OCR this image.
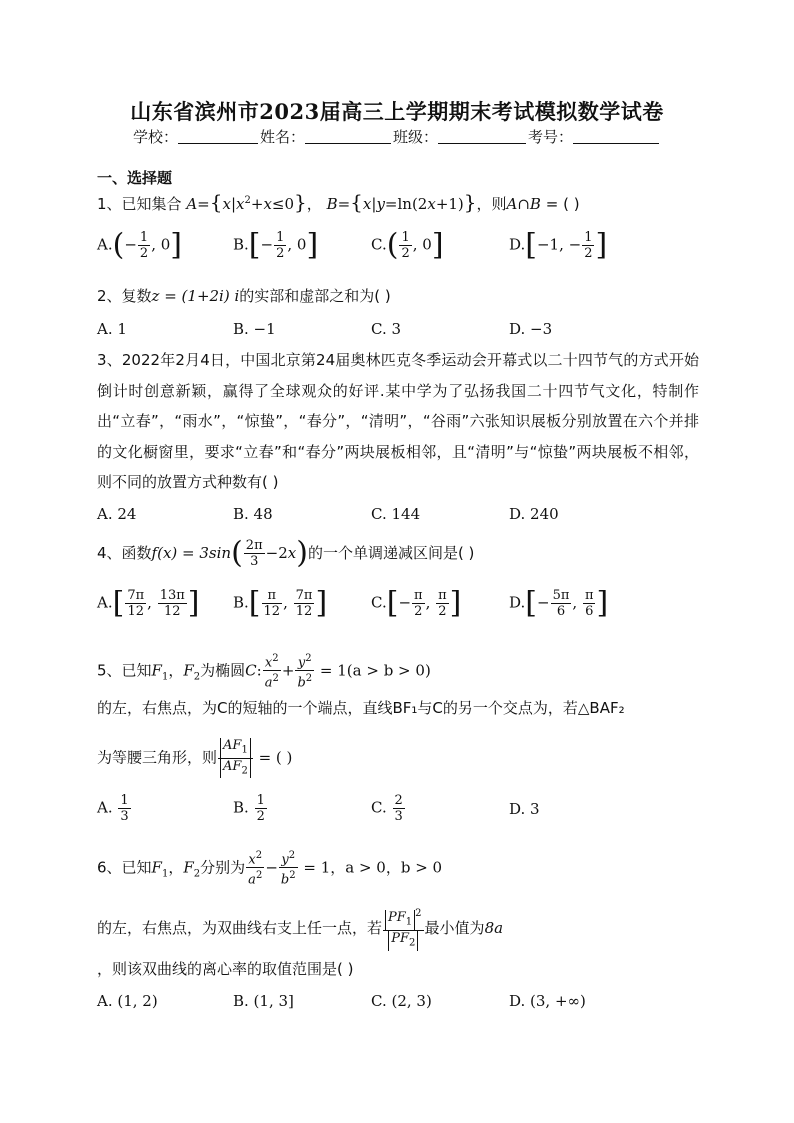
山东省滨州市2023届高三上学期期末考试模拟数学试卷
学校：	姓名：	班级：	考号：
一、选择题
1、已知集合 $A=\{x|x^2+x\le 0\}$， B={x|y=ln(2x+1)}，则A∩B = ( )
$A.(- \frac{1}{2}$ , 0]	$B.[- \frac{1}{2}$ , 0]	$C.( \frac{1}{2}$ , 0]	D.[−1, − $\frac{1}{2}$ ]
2、复数z = (1+2i) i的实部和虚部之和为( )
A. 1	B. −1	C. 3	D. −3
3、2022年2月4日，中国北京第24届奥林匹克冬季运动会开幕式以二十四节气的方式开始倒计时创意新颖，赢得了全球观众的好评.某中学为了弘扬我国二十四节气文化，特制作出“立春”，“雨水”，“惊蛰”，“春分”，“清明”，“谷雨”六张知识展板分别放置在六个并排的文化橱窗里，要求“立春”和“春分”两块展板相邻，且“清明”与“惊蛰”两块展板不相邻，则不同的放置方式种数有( )
A. 24	B. 48	C. 144	D. 240
4、函数$f(x) = 3\sin( \frac{2\pi}{3} -2x)$的一个单调递减区间是( )
$A.[ \frac{7\pi}{12}$ , $\frac{13\pi}{12}$ ] $B.[ \frac{\pi}{12}$ , $\frac{7\pi}{12}$ ]	$C.[- \frac{\pi}{2}$ , $\frac{\pi}{2}$ ]	$D.[- \frac{5\pi}{6}$ , $\frac{\pi}{6}$ ]
5、已知$F_1$，$F_2$为椭圆C: $\frac{x^2}{a^2} + \frac{y^2}{b^2} = 1(a > b > 0)$
的左，右焦点，为C的短轴的一个端点，直线BF₁与C的另一个交点为，若△BAF₂
为等腰三角形，则 $\frac{AF_1}{AF_2}$ = ( )
A. $\frac{1}{3}$	B. $\frac{1}{2}$	C. $\frac{2}{3}$	D. 3
6、已知$F_1$，$F_2$分别为 $\frac{x^2}{a^2} - \frac{y^2}{b^2} = 1$，a > 0，b > 0
的左，右焦点，为双曲线右支上任一点，若 $\frac{PF_1^2}{PF_2}$ 最小值为8a
，则该双曲线的离心率的取值范围是( )
A. (1, 2)	B. (1, 3]	C. (2, 3)	D. (3, +∞)
